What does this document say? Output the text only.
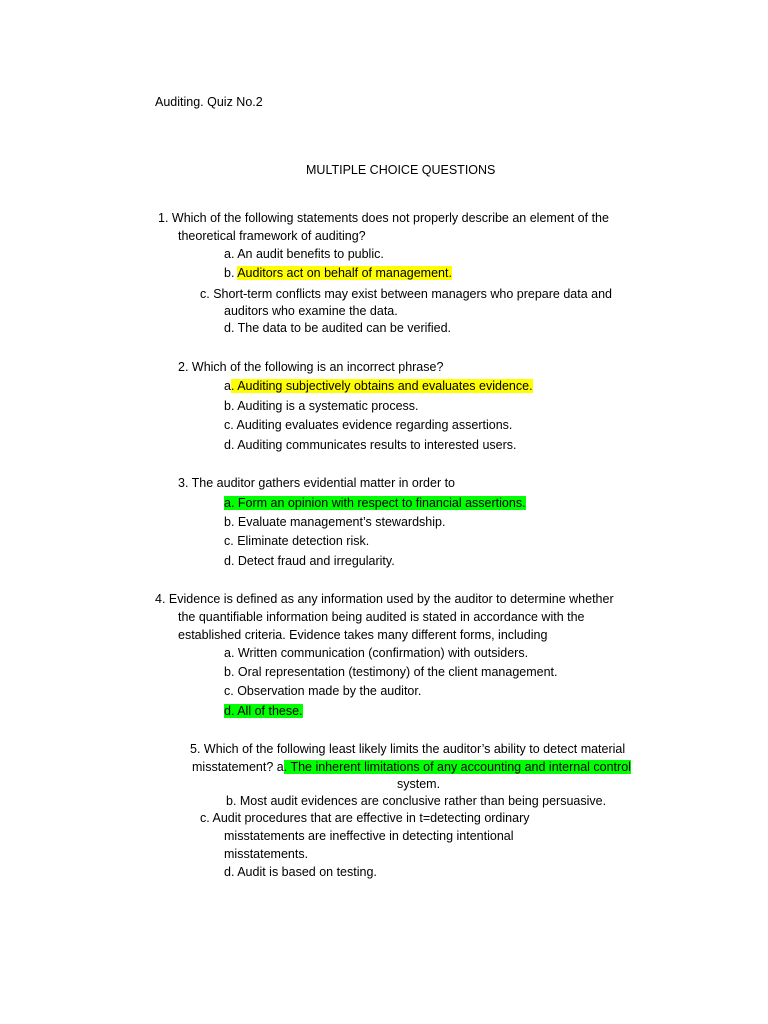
Auditing. Quiz No.2
MULTIPLE CHOICE QUESTIONS
1. Which of the following statements does not properly describe an element of the
theoretical framework of auditing?
a. An audit benefits to public.
b. Auditors act on behalf of management.
c. Short-term conflicts may exist between managers who prepare data and
auditors who examine the data.
d. The data to be audited can be verified.
2. Which of the following is an incorrect phrase?
a. Auditing subjectively obtains and evaluates evidence.
b. Auditing is a systematic process.
c. Auditing evaluates evidence regarding assertions.
d. Auditing communicates results to interested users.
3. The auditor gathers evidential matter in order to
a. Form an opinion with respect to financial assertions.
b. Evaluate management’s stewardship.
c. Eliminate detection risk.
d. Detect fraud and irregularity.
4. Evidence is defined as any information used by the auditor to determine whether
the quantifiable information being audited is stated in accordance with the
established criteria. Evidence takes many different forms, including
a. Written communication (confirmation) with outsiders.
b. Oral representation (testimony) of the client management.
c. Observation made by the auditor.
d. All of these.
5. Which of the following least likely limits the auditor’s ability to detect material
misstatement? a. The inherent limitations of any accounting and internal control
system.
b. Most audit evidences are conclusive rather than being persuasive.
c. Audit procedures that are effective in t=detecting ordinary
misstatements are ineffective in detecting intentional
misstatements.
d. Audit is based on testing.
